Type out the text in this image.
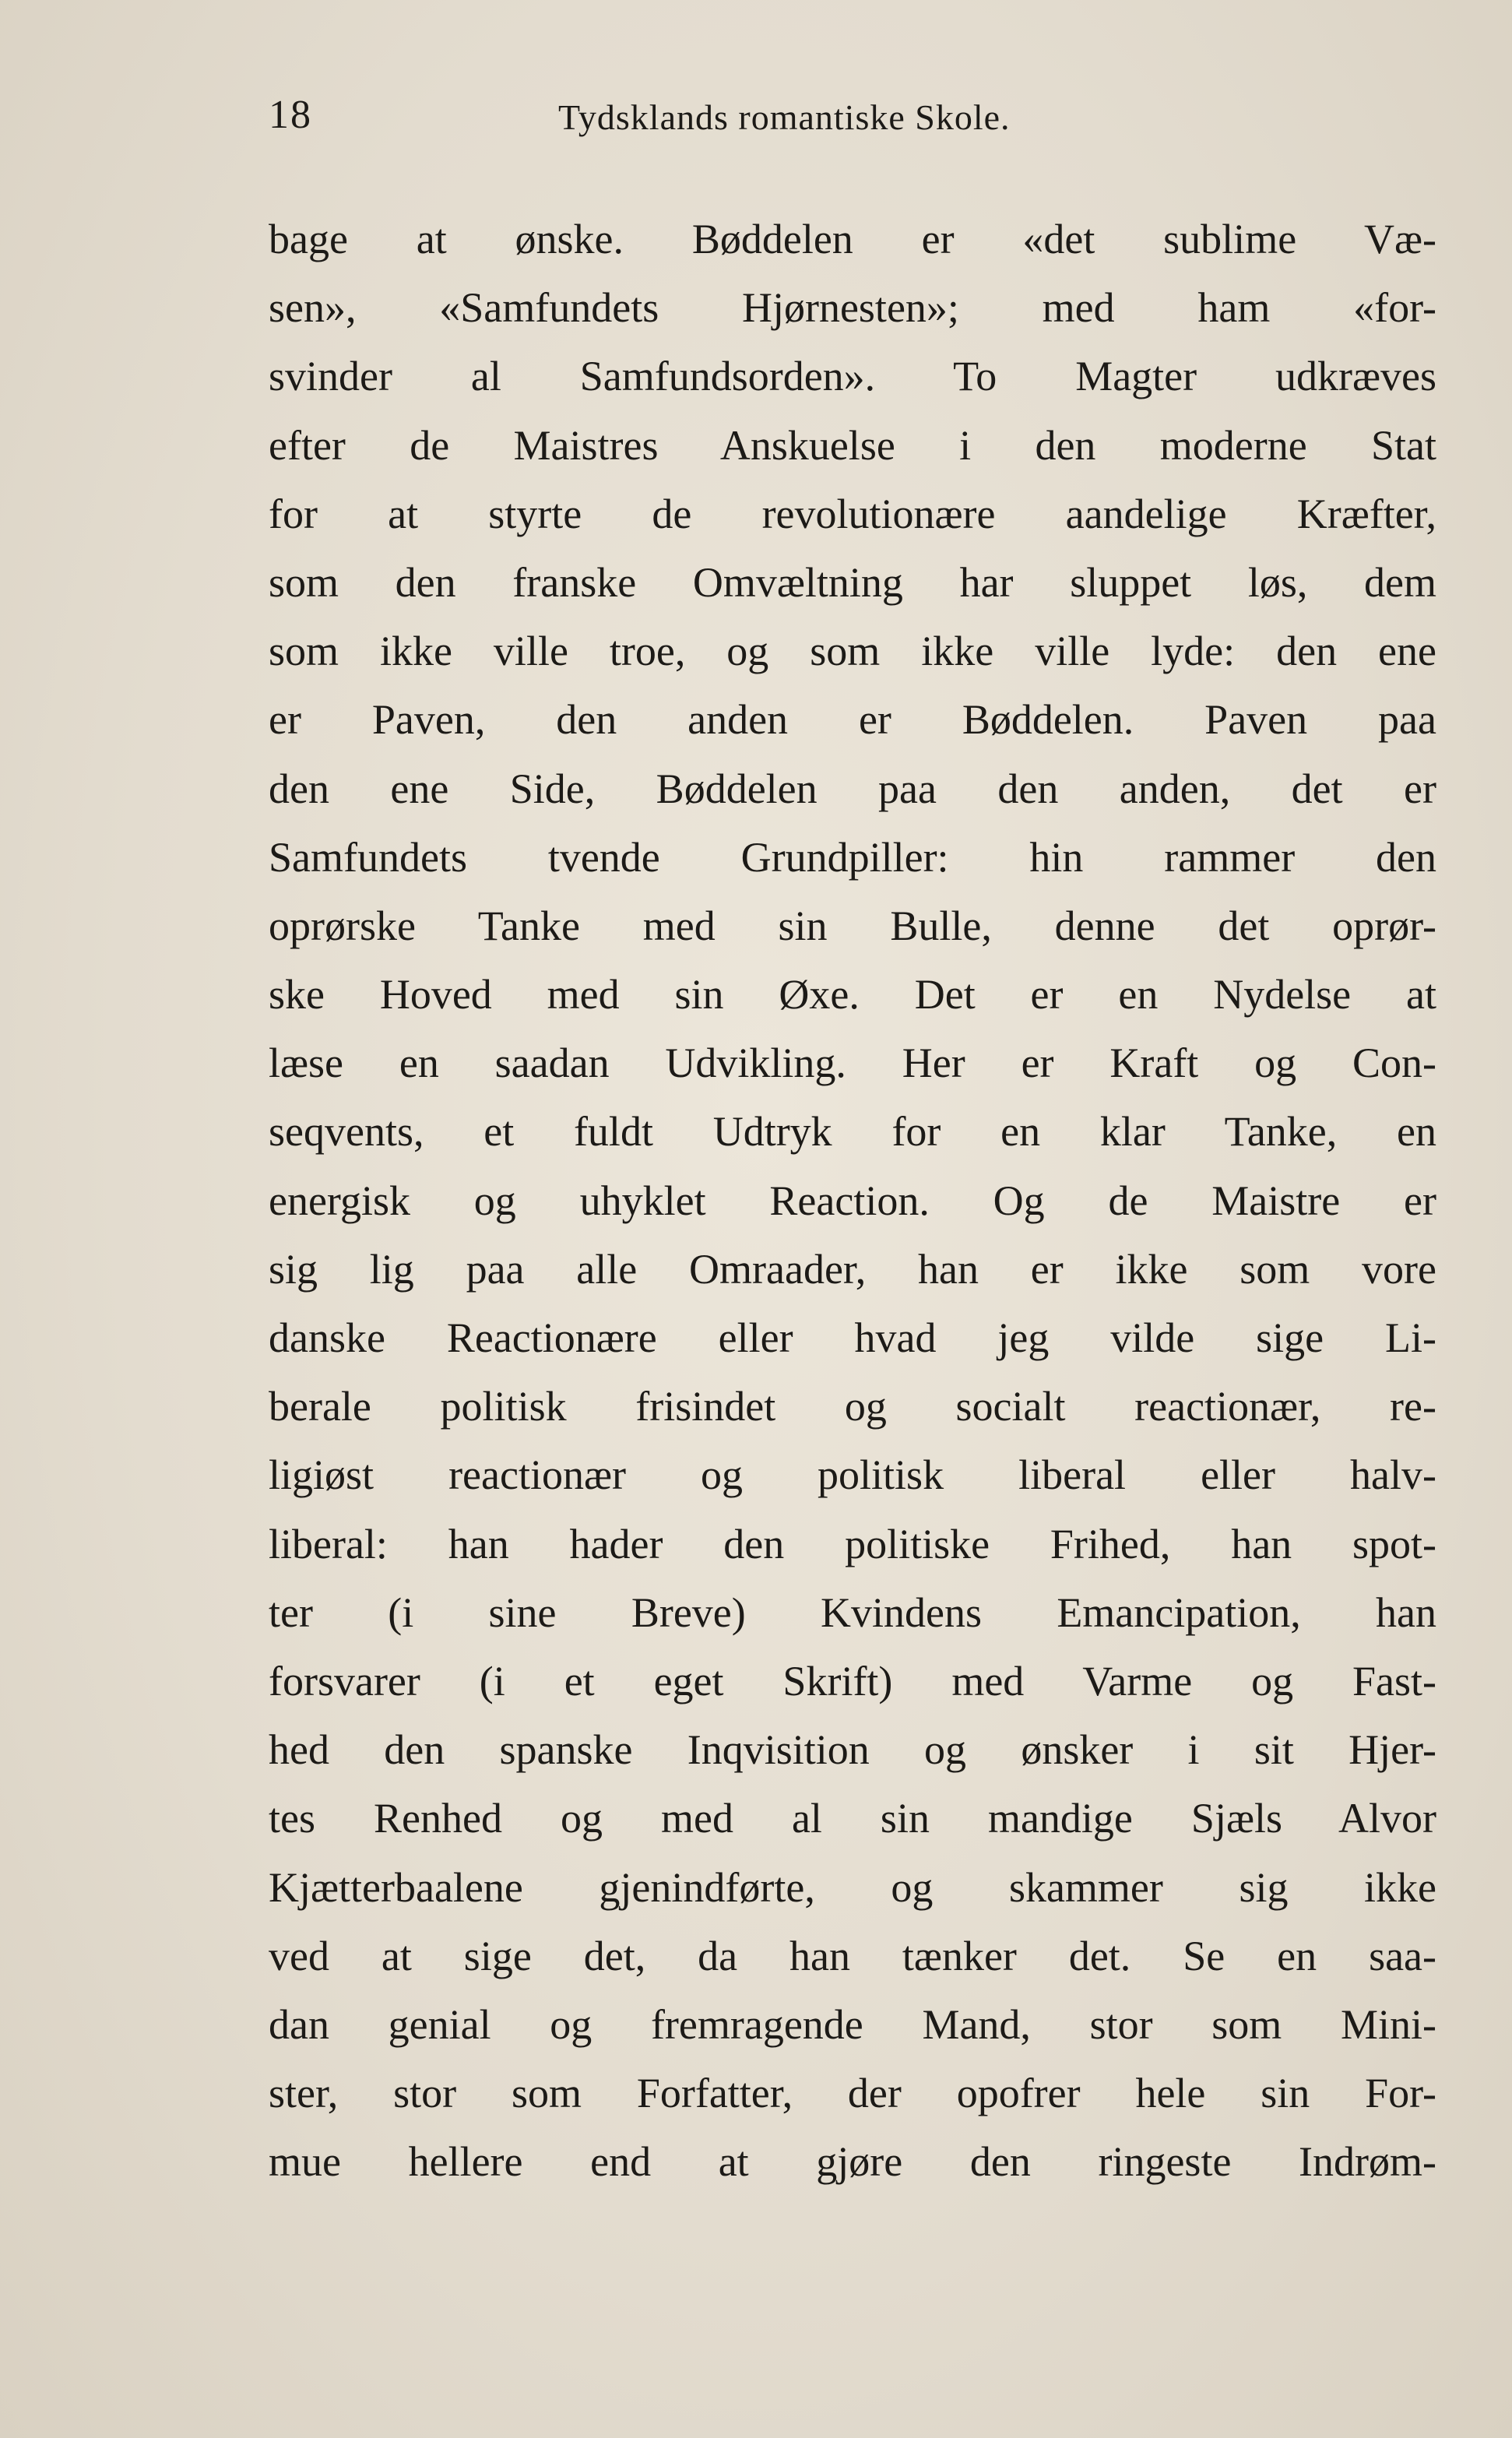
18	Tydsklands romantiske Skole.
bage at ønske. Bøddelen er «det sublime Væ-
sen», «Samfundets Hjørnesten»; med ham «for-
svinder al Samfundsorden». To Magter udkræves
efter de Maistres Anskuelse i den moderne Stat
for at styrte de revolutionære aandelige Kræfter,
som den franske Omvæltning har sluppet løs, dem
som ikke ville troe, og som ikke ville lyde: den ene
er Paven, den anden er Bøddelen. Paven paa
den ene Side, Bøddelen paa den anden, det er
Samfundets tvende Grundpiller: hin rammer den
oprørske Tanke med sin Bulle, denne det oprør-
ske Hoved med sin Øxe. Det er en Nydelse at
læse en saadan Udvikling. Her er Kraft og Con-
seqvents, et fuldt Udtryk for en klar Tanke, en
energisk og uhyklet Reaction. Og de Maistre er
sig lig paa alle Omraader, han er ikke som vore
danske Reactionære eller hvad jeg vilde sige Li-
berale politisk frisindet og socialt reactionær, re-
ligiøst reactionær og politisk liberal eller halv-
liberal: han hader den politiske Frihed, han spot-
ter (i sine Breve) Kvindens Emancipation, han
forsvarer (i et eget Skrift) med Varme og Fast-
hed den spanske Inqvisition og ønsker i sit Hjer-
tes Renhed og med al sin mandige Sjæls Alvor
Kjætterbaalene gjenindførte, og skammer sig ikke
ved at sige det, da han tænker det. Se en saa-
dan genial og fremragende Mand, stor som Mini-
ster, stor som Forfatter, der opofrer hele sin For-
mue hellere end at gjøre den ringeste Indrøm-
